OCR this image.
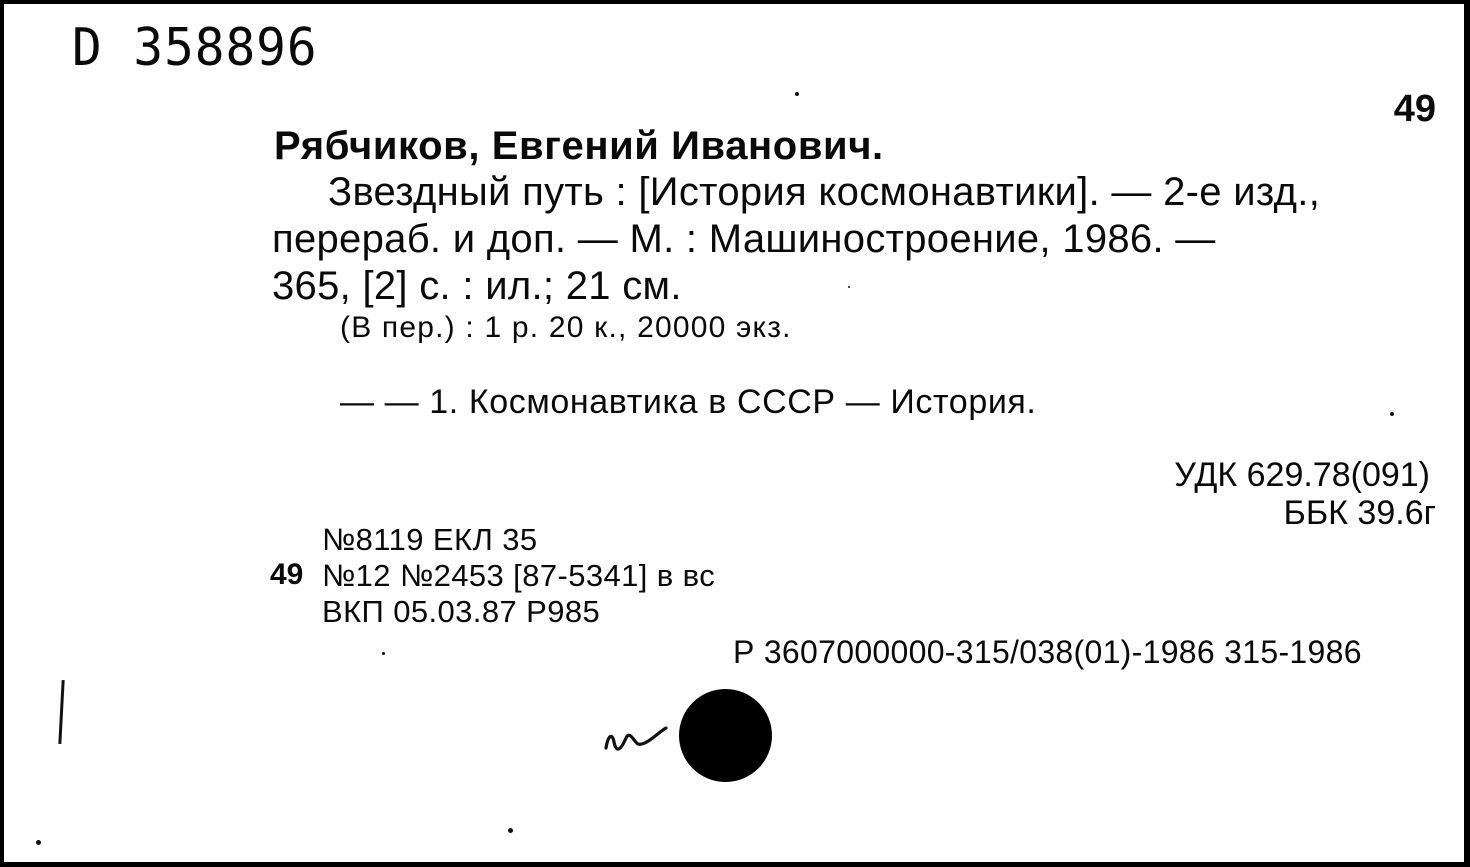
D 358896
49
Рябчиков, Евгений Иванович.
Звездный путь : [История космонавтики]. — 2-е изд.,
перераб. и доп. — М. : Машиностроение, 1986. —
365, [2] с. : ил.; 21 см.
(В пер.) : 1 р. 20 к., 20000 экз.
— — 1. Космонавтика в СССР — История.
УДК 629.78(091)
ББК 39.6г
49
№8119 ЕКЛ 35
№12 №2453 [87-5341] в вс
ВКП 05.03.87 Р985
Р 3607000000-315/038(01)-1986 315-1986
